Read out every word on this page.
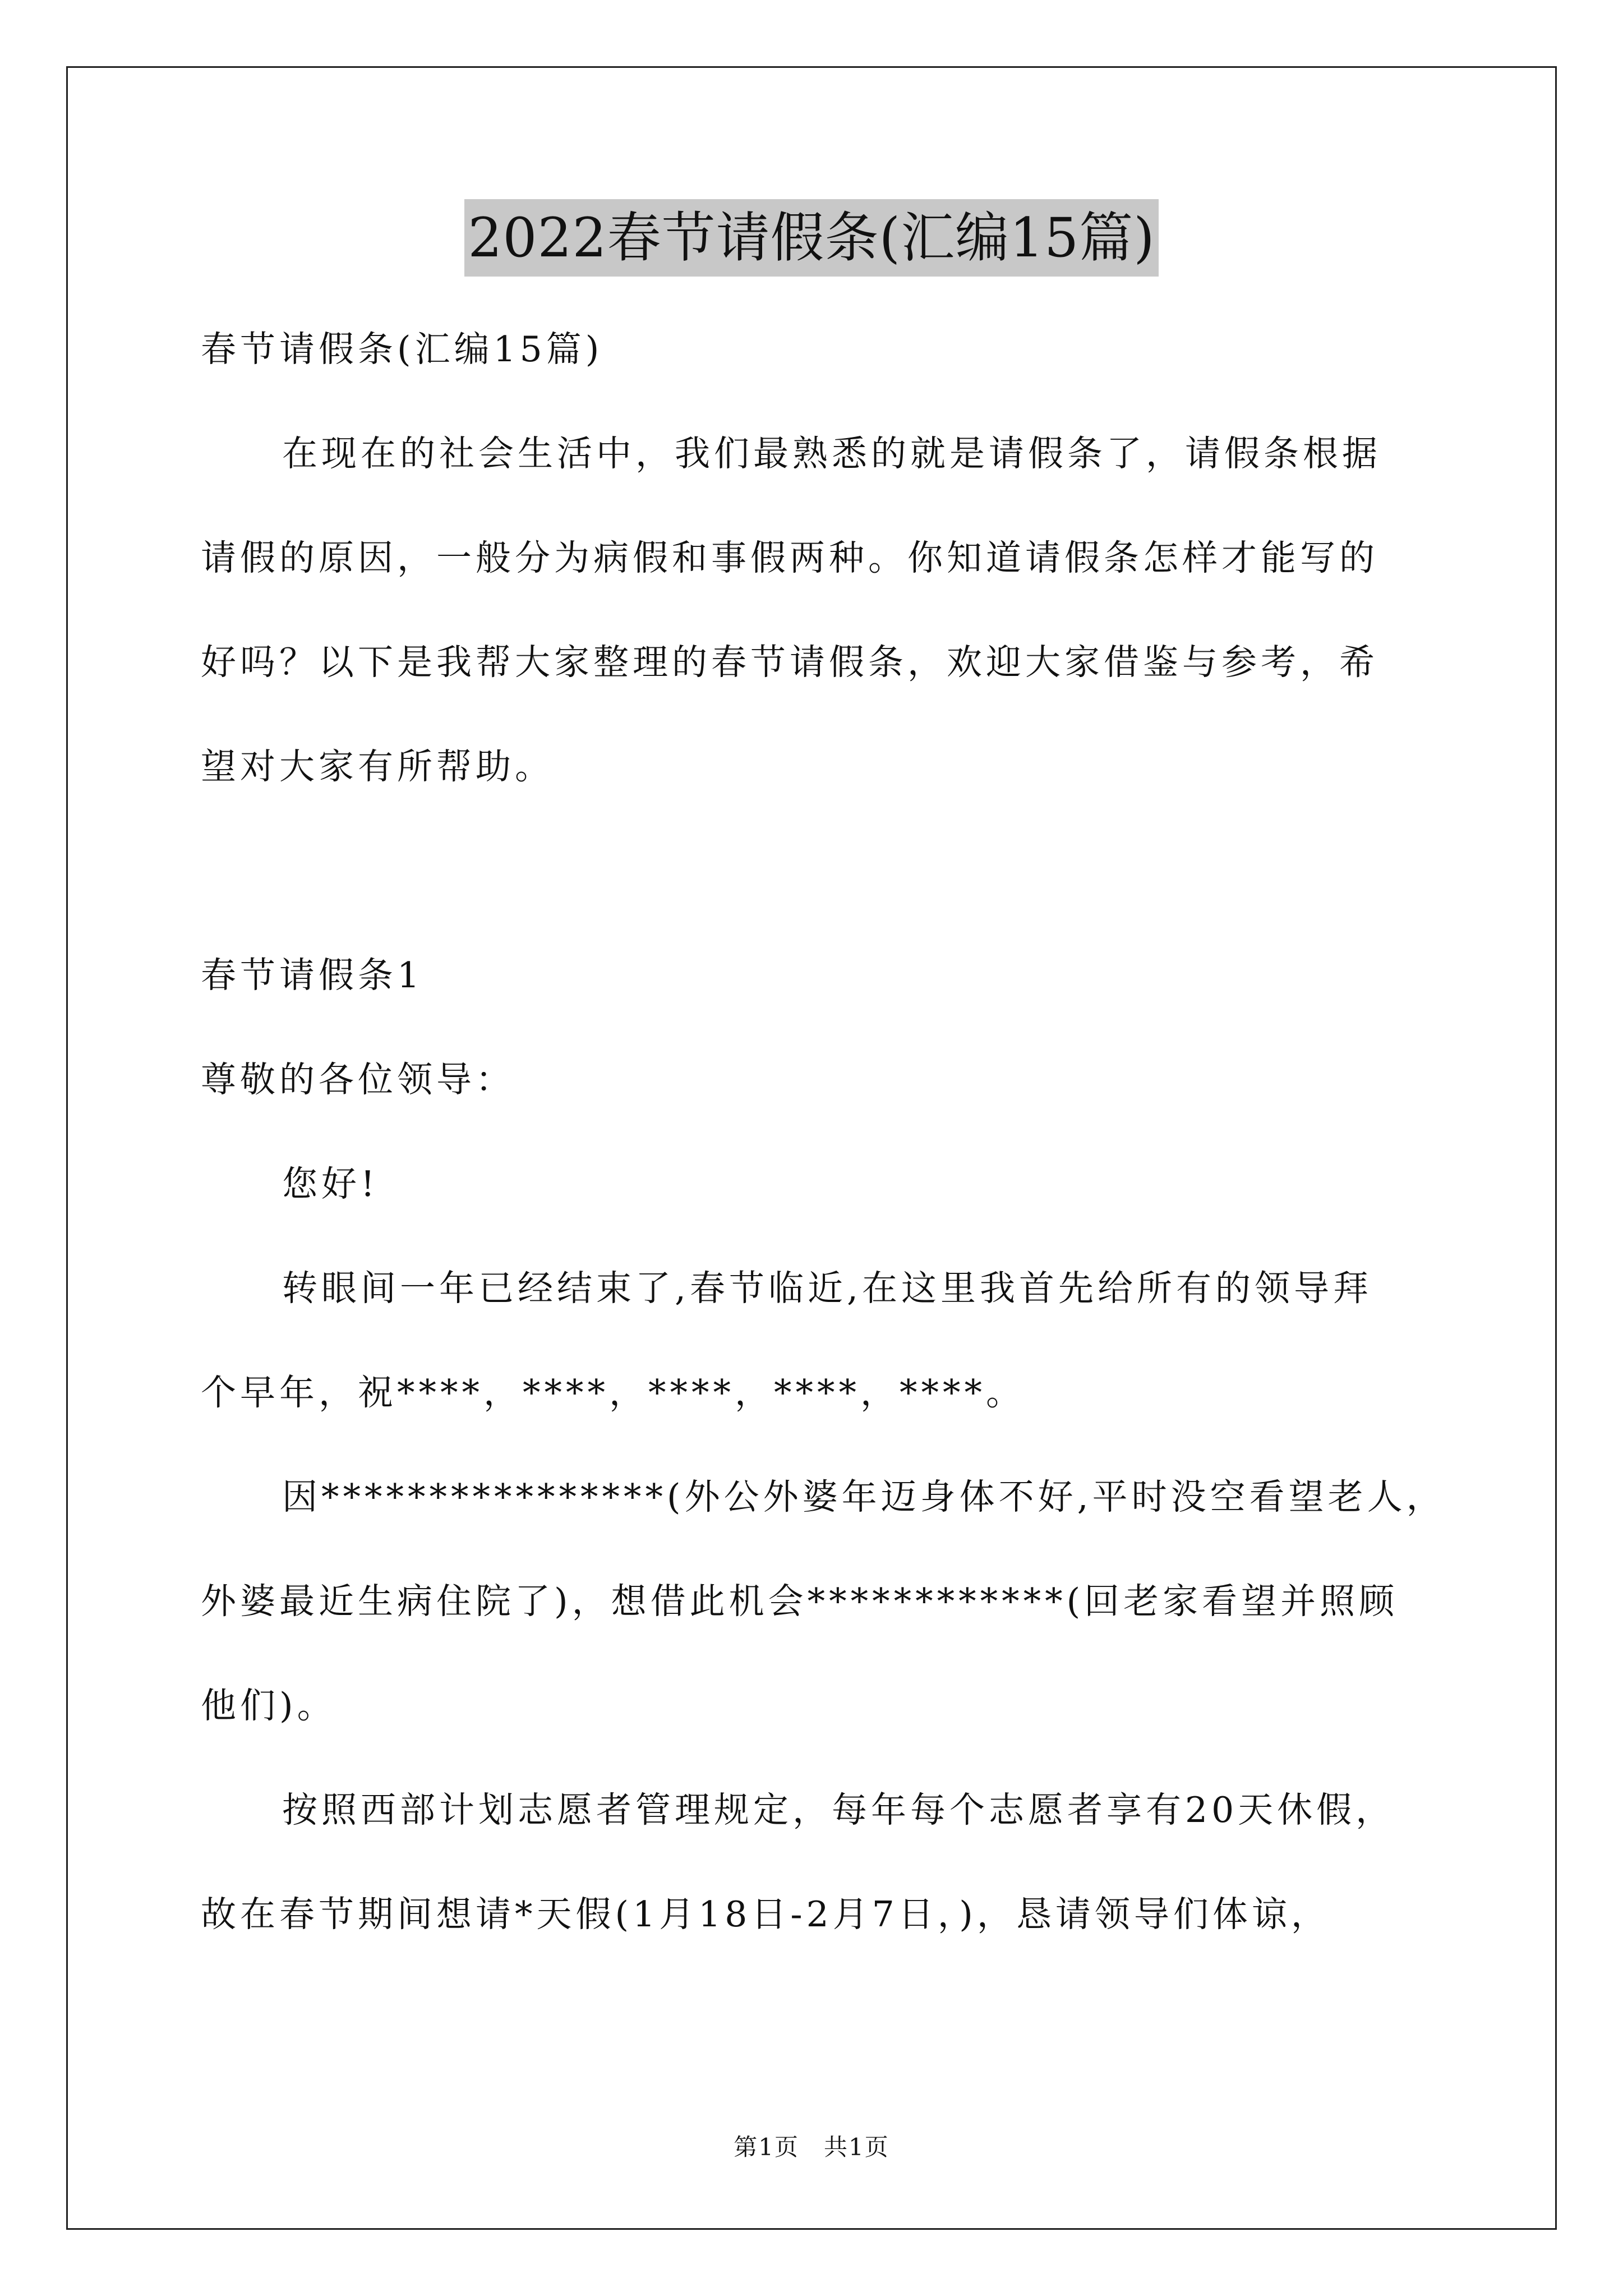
2022春节请假条(汇编15篇)
春节请假条(汇编15篇)
在现在的社会生活中，我们最熟悉的就是请假条了，请假条根据
请假的原因，一般分为病假和事假两种。你知道请假条怎样才能写的
好吗？以下是我帮大家整理的春节请假条，欢迎大家借鉴与参考，希
望对大家有所帮助。
春节请假条1
尊敬的各位领导：
您好!
转眼间一年已经结束了,春节临近,在这里我首先给所有的领导拜
个早年，祝****，****，****，****，****。
因****************(外公外婆年迈身体不好,平时没空看望老人，
外婆最近生病住院了)，想借此机会************(回老家看望并照顾
他们)。
按照西部计划志愿者管理规定，每年每个志愿者享有20天休假，
故在春节期间想请*天假(1月18日-2月7日，)，恳请领导们体谅，
第1页　共1页
